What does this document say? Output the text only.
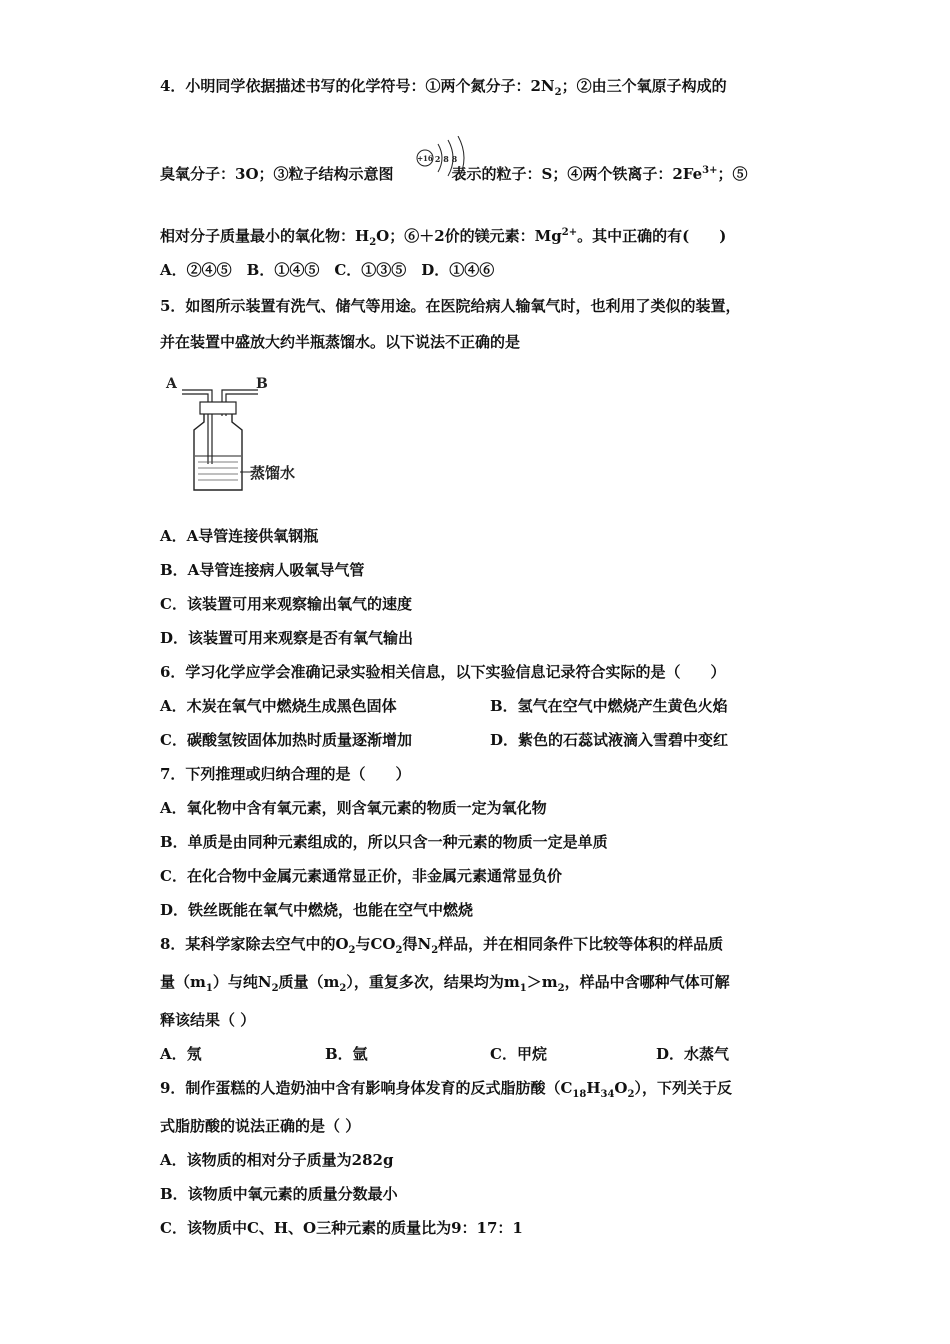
4．小明同学依据描述书写的化学符号：①两个氮分子：$2N_2$；②由三个氧原子构成的
臭氧分子：3O；③粒子结构示意图	表示的粒子：S；④两个铁离子：$2Fe^{3+}$；⑤
+16 2 8 8
相对分子质量最小的氧化物：$H_2O$；⑥＋2价的镁元素：$Mg^{2+}$。其中正确的有(　　)
A．②④⑤　B．①④⑤　C．①③⑤　D．①④⑥
5．如图所示装置有洗气、储气等用途。在医院给病人输氧气时，也利用了类似的装置，
并在装置中盛放大约半瓶蒸馏水。以下说法不正确的是
A	B
蒸馏水
A．A导管连接供氧钢瓶
B．A导管连接病人吸氧导气管
C．该装置可用来观察输出氧气的速度
D．该装置可用来观察是否有氧气输出
6．学习化学应学会准确记录实验相关信息，以下实验信息记录符合实际的是（　　）
A．木炭在氧气中燃烧生成黑色固体	B．氢气在空气中燃烧产生黄色火焰
C．碳酸氢铵固体加热时质量逐渐增加	D．紫色的石蕊试液滴入雪碧中变红
7．下列推理或归纳合理的是（　　）
A．氧化物中含有氧元素，则含氧元素的物质一定为氧化物
B．单质是由同种元素组成的，所以只含一种元素的物质一定是单质
C．在化合物中金属元素通常显正价，非金属元素通常显负价
D．铁丝既能在氧气中燃烧，也能在空气中燃烧
8．某科学家除去空气中的$O_2$与$CO_2$得$N_2$样品，并在相同条件下比较等体积的样品质
量$(m_1)$与纯$N_2$质量$(m_2)$，重复多次，结果均为$m_1>m_2$，样品中含哪种气体可解
释该结果（ ）
A．氖	B．氩	C．甲烷	D．水蒸气
9．制作蛋糕的人造奶油中含有影响身体发育的反式脂肪酸$(C_{18}H_{34}O_2)$，下列关于反
式脂肪酸的说法正确的是（ ）
A．该物质的相对分子质量为282g
B．该物质中氧元素的质量分数最小
C．该物质中C、H、O三种元素的质量比为9：17：1
